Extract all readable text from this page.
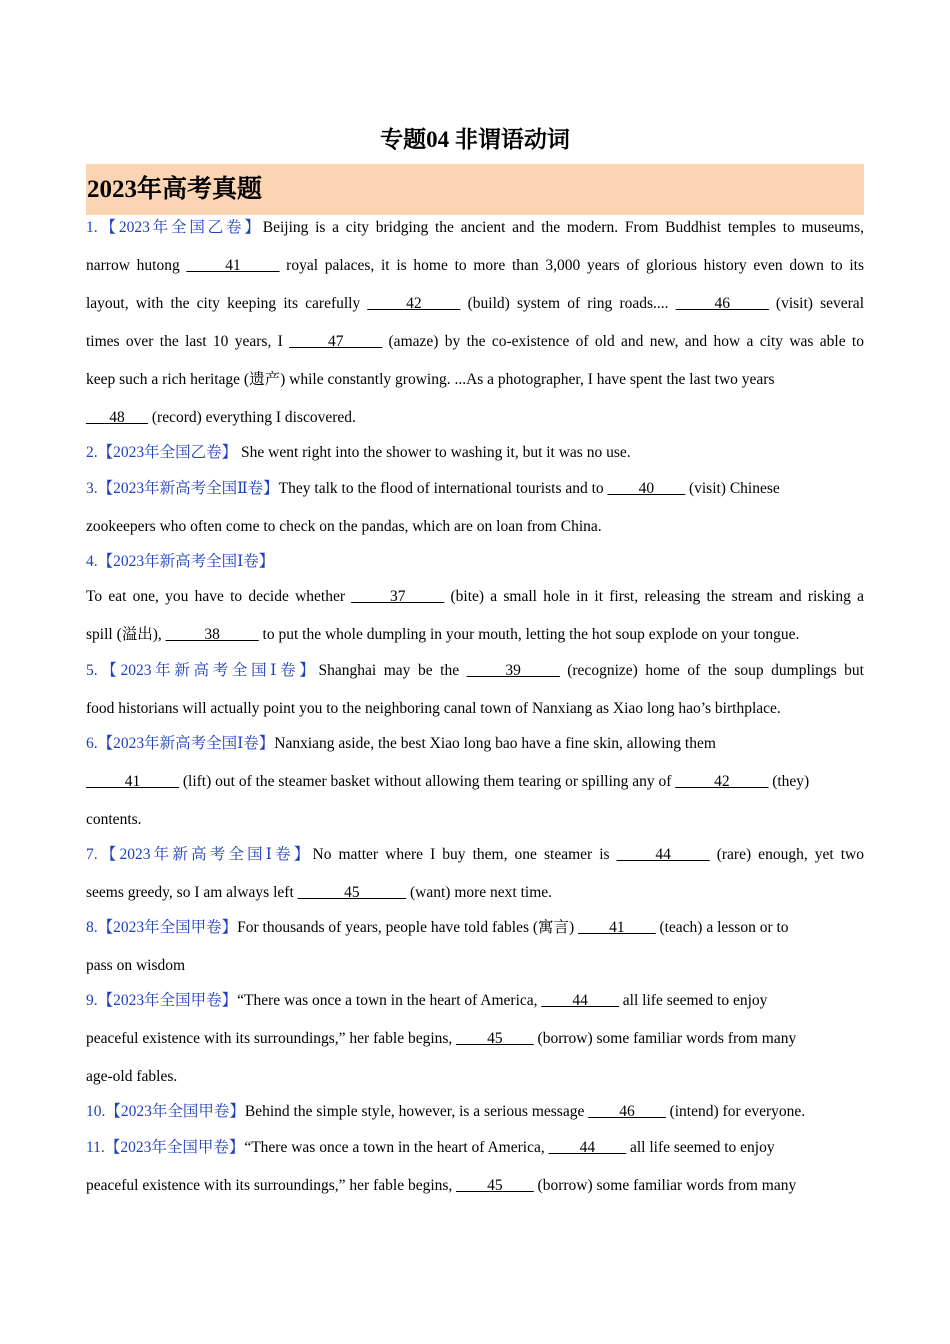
专题04 非谓语动词
2023年高考真题
1.【2023年全国乙卷】Beijing is a city bridging the ancient and the modern. From Buddhist temples to museums,
narrow hutong _____41_____ royal palaces, it is home to more than 3,000 years of glorious history even down to its
layout, with the city keeping its carefully _____42_____ (build) system of ring roads.... _____46_____ (visit) several
times over the last 10 years, I _____47_____ (amaze) by the co-existence of old and new, and how a city was able to
keep such a rich heritage (遗产) while constantly growing. ...As a photographer, I have spent the last two years
___48___ (record) everything I discovered.
2.【2023年全国乙卷】 She went right into the shower to washing it, but it was no use.
3.【2023年新高考全国Ⅱ卷】They talk to the flood of international tourists and to ____40____ (visit) Chinese
zookeepers who often come to check on the pandas, which are on loan from China.
4.【2023年新高考全国Ⅰ卷】
To eat one, you have to decide whether _____37_____ (bite) a small hole in it first, releasing the stream and risking a
spill (溢出), _____38_____ to put the whole dumpling in your mouth, letting the hot soup explode on your tongue.
5.【2023年新高考全国Ⅰ卷】Shanghai may be the _____39_____ (recognize) home of the soup dumplings but
food historians will actually point you to the neighboring canal town of Nanxiang as Xiao long hao’s birthplace.
6.【2023年新高考全国Ⅰ卷】Nanxiang aside, the best Xiao long bao have a fine skin, allowing them
_____41_____ (lift) out of the steamer basket without allowing them tearing or spilling any of _____42_____ (they)
contents.
7.【2023年新高考全国Ⅰ卷】No matter where I buy them, one steamer is _____44_____ (rare) enough, yet two
seems greedy, so I am always left ______45______ (want) more next time.
8.【2023年全国甲卷】For thousands of years, people have told fables (寓言) ____41____ (teach) a lesson or to
pass on wisdom
9.【2023年全国甲卷】“There was once a town in the heart of America, ____44____ all life seemed to enjoy
peaceful existence with its surroundings,” her fable begins, ____45____ (borrow) some familiar words from many
age-old fables.
10.【2023年全国甲卷】Behind the simple style, however, is a serious message ____46____ (intend) for everyone.
11.【2023年全国甲卷】“There was once a town in the heart of America, ____44____ all life seemed to enjoy
peaceful existence with its surroundings,” her fable begins, ____45____ (borrow) some familiar words from many
